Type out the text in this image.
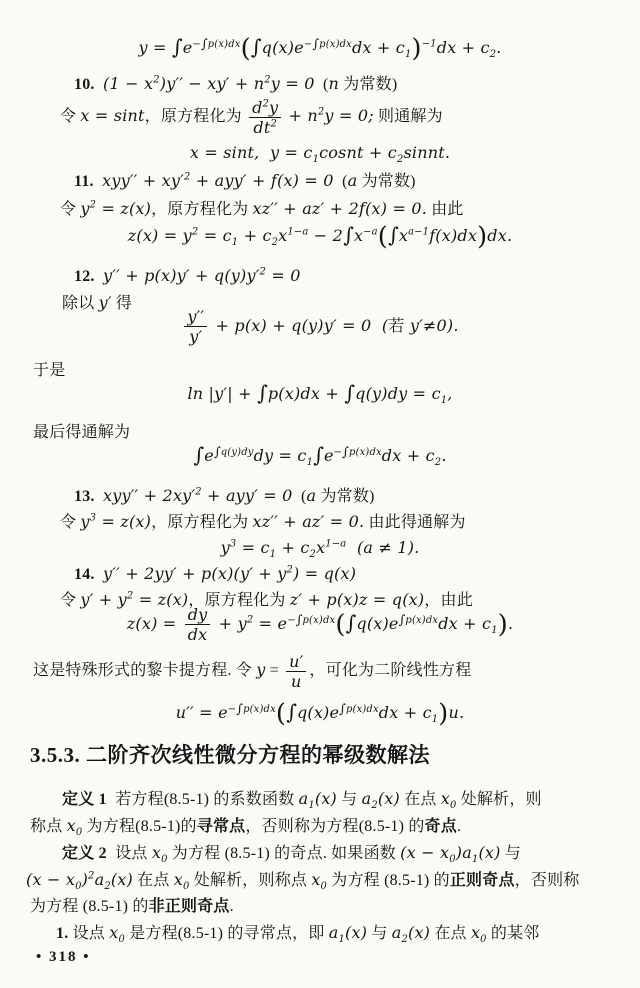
$y = \int e^{-\int p(x)dx}(\int q(x)e^{-\int p(x)dx}dx + c_1)^{-1}dx + c_2$.
10. $(1 - x^2)y'' - xy' + n^2y = 0$  (n 为常数)
令 x = sint，原方程化为 $\frac{d^2y}{dt^2} + n^2y = 0$; 则通解为
x = sint,  $y = c_1cosnt$ + $c_2sinnt$.
11. $xyy'' + xy'^2 + ayy' + f(x) = 0$  (a 为常数)
令 $y^2 = z(x)$，原方程化为 xz′′ + az′ + 2f(x) = 0. 由此
$z(x) = y^2 = c_1 + c_2x^{1-a} - 2\int x^{-a}(\int x^{a-1}f(x)dx)dx$.
12. $y'' + p(x)y' + q(y)y'^2 = 0$
除以 y′ 得
$\frac{y''}{y'} + p(x) + q(y)y' = 0$  (若 y′≠0).
于是
$\ln |y'| + \int p(x)dx + \int q(y)dy = c_1$,
最后得通解为
$\int e^{\int q(y)dy}dy = c_1\int e^{-\int p(x)dx}dx + c_2$.
13. $xyy'' + 2xy'^2 + ayy' = 0$  (a 为常数)
令 $y^3 = z(x)$，原方程化为 xz′′ + az′ = 0. 由此得通解为
$y^3 = c_1 + c_2x^{1-a}$  (a ≠ 1).
14. $y'' + 2yy' + p(x)(y' + y^2) = q(x)$
令 $y' + y^2 = z(x)$，原方程化为 z′ + p(x)z = q(x)，由此
$z(x) = \frac{dy}{dx} + y^2 = e^{-\int p(x)dx}(\int q(x)e^{\int p(x)dx}dx + c_1)$.
这是特殊形式的黎卡提方程. 令 $y = \frac{u'}{u}$ ，可化为二阶线性方程
$u'' = e^{-\int p(x)dx}(\int q(x)e^{\int p(x)dx}dx + c_1)u$.
3.5.3. 二阶齐次线性微分方程的幂级数解法
定义 1  若方程(8.5-1) 的系数函数 $a_1(x)$ 与 $a_2(x)$ 在点 $x_0$ 处解析，则
称点 $x_0$ 为方程(8.5-1)的寻常点，否则称为方程(8.5-1) 的奇点.
定义 2  设点 $x_0$ 为方程 (8.5-1) 的奇点. 如果函数 $(x - x_0)a_1(x)$ 与
$(x - x_0)^2a_2(x)$ 在点 $x_0$ 处解析，则称点 $x_0$ 为方程 (8.5-1) 的正则奇点，否则称
为方程 (8.5-1) 的非正则奇点.
1. 设点 $x_0$ 是方程(8.5-1) 的寻常点，即 $a_1(x)$ 与 $a_2(x)$ 在点 $x_0$ 的某邻
• 318 •
